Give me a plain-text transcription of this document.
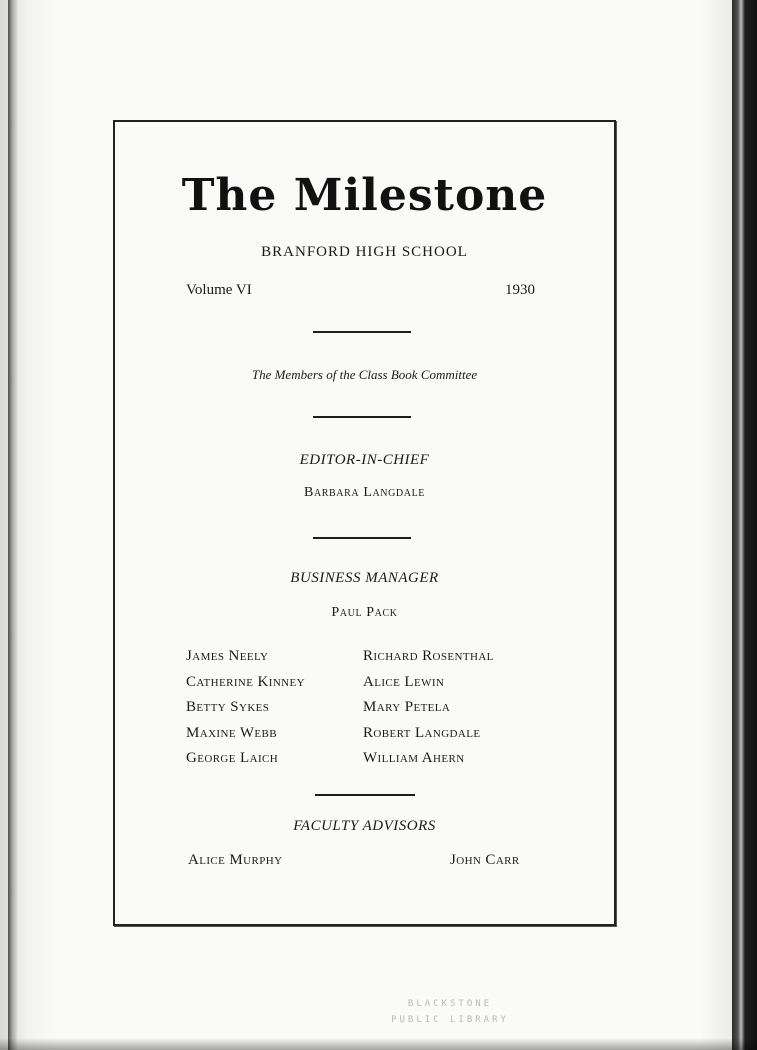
The Milestone
BRANFORD HIGH SCHOOL
Volume VI	1930
The Members of the Class Book Committee
EDITOR-IN-CHIEF
Barbara Langdale
BUSINESS MANAGER
Paul Pack
James Neely
Catherine Kinney
Betty Sykes
Maxine Webb
George Laich
Richard Rosenthal
Alice Lewin
Mary Petela
Robert Langdale
William Ahern
FACULTY ADVISORS
Alice Murphy	John Carr
BLACKSTONE
PUBLIC LIBRARY
